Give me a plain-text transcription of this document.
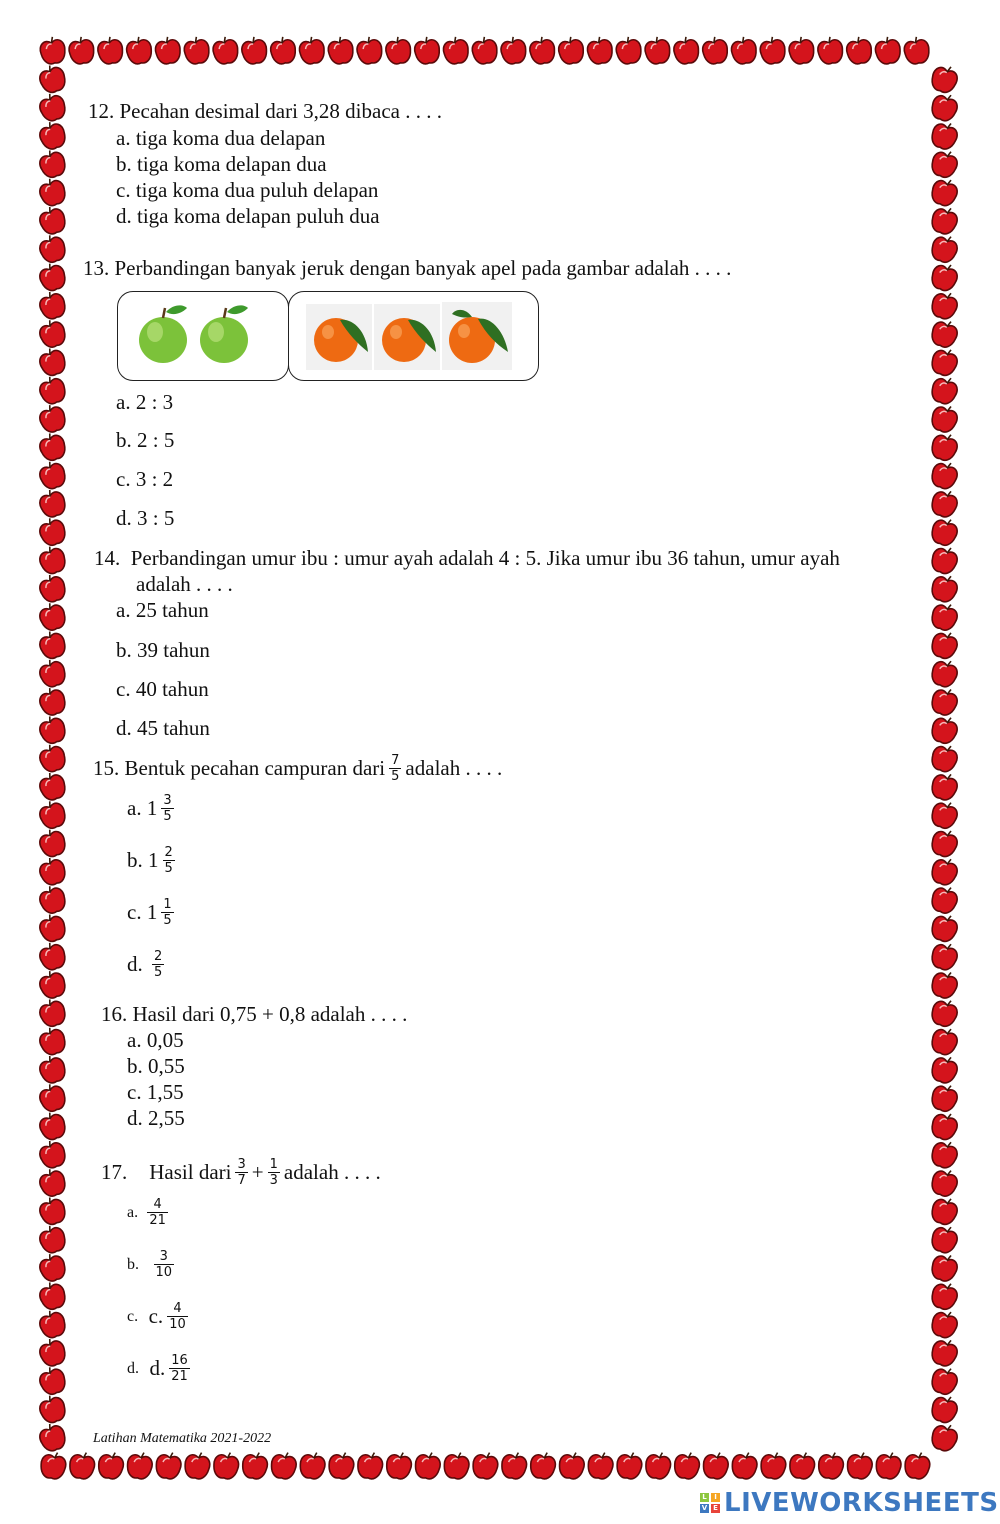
12. Pecahan desimal dari 3,28 dibaca . . . .
a. tiga koma dua delapan
b. tiga koma delapan dua
c. tiga koma dua puluh delapan
d. tiga koma delapan puluh dua
13. Perbandingan banyak jeruk dengan banyak apel pada gambar adalah . . . .
a. 2 : 3
b. 2 : 5
c. 3 : 2
d. 3 : 5
14. Perbandingan umur ibu : umur ayah adalah 4 : 5. Jika umur ibu 36 tahun, umur ayah
adalah . . . .
a. 25 tahun
b. 39 tahun
c. 40 tahun
d. 45 tahun
15.
Bentuk pecahan campuran dari $\frac{7}{5}$ adalah . . . .
a.
$1 \frac{3}{5}$
b.
$1 \frac{2}{5}$
c.
$1 \frac{1}{5}$
d.
$\frac{2}{5}$
16. Hasil dari 0,75 + 0,8 adalah . . . .
a. 0,05
b. 0,55
c. 1,55
d. 2,55
17. Hasil dari $\frac{3}{7} + \frac{1}{3}$ adalah . . . .
a.
$\frac{4}{21}$
b.
$\frac{3}{10}$
c.
c. $\frac{4}{10}$
d.
d. $\frac{16}{21}$
Latihan Matematika 2021-2022
L	I
V E LIVEWORKSHEETS
